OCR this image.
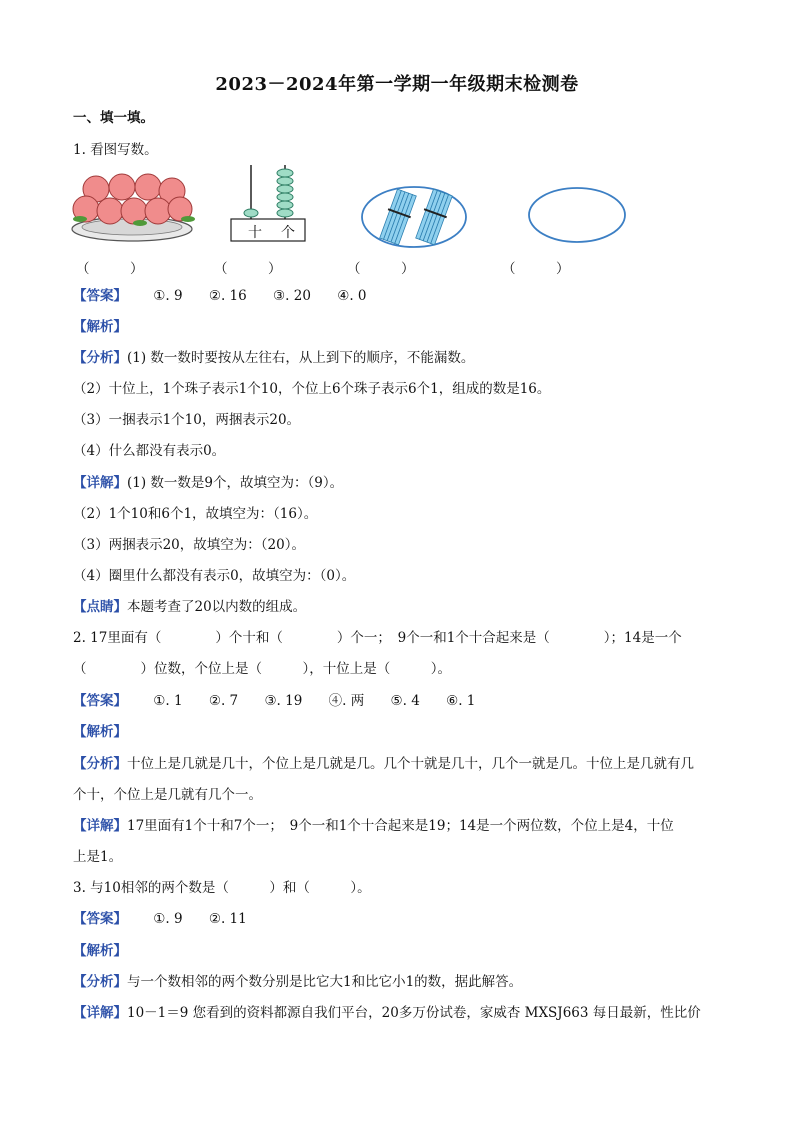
2023－2024年第一学期一年级期末检测卷
一、填一填。
1. 看图写数。
十 个
（　　　）	（　　　）	（　　　）	（　　　）
【答案】 ①. 9 ②. 16 ③. 20 ④. 0
【解析】
【分析】(1) 数一数时要按从左往右，从上到下的顺序，不能漏数。
（2）十位上，1个珠子表示1个10，个位上6个珠子表示6个1，组成的数是16。
（3）一捆表示1个10，两捆表示20。
（4）什么都没有表示0。
【详解】(1) 数一数是9个，故填空为：（9）。
（2）1个10和6个1，故填空为：（16）。
（3）两捆表示20，故填空为：（20）。
（4）圈里什么都没有表示0，故填空为：（0）。
【点睛】本题考查了20以内数的组成。
2. 17里面有（　　　　）个十和（　　　　）个一；　9个一和1个十合起来是（　　　　）；14是一个
（　　　　）位数，个位上是（　　　），十位上是（　　　）。
【答案】 ①. 1 ②. 7 ③. 19 ④. 两 ⑤. 4 ⑥. 1
【解析】
【分析】十位上是几就是几十，个位上是几就是几。几个十就是几十，几个一就是几。十位上是几就有几
个十，个位上是几就有几个一。
【详解】17里面有1个十和7个一；　9个一和1个十合起来是19；14是一个两位数，个位上是4，十位
上是1。
3. 与10相邻的两个数是（　　　）和（　　　）。
【答案】 ①. 9 ②. 11
【解析】
【分析】与一个数相邻的两个数分别是比它大1和比它小1的数，据此解答。
【详解】10－1＝9 您看到的资料都源自我们平台，20多万份试卷，家威杏 MXSJ663 每日最新，性比价
